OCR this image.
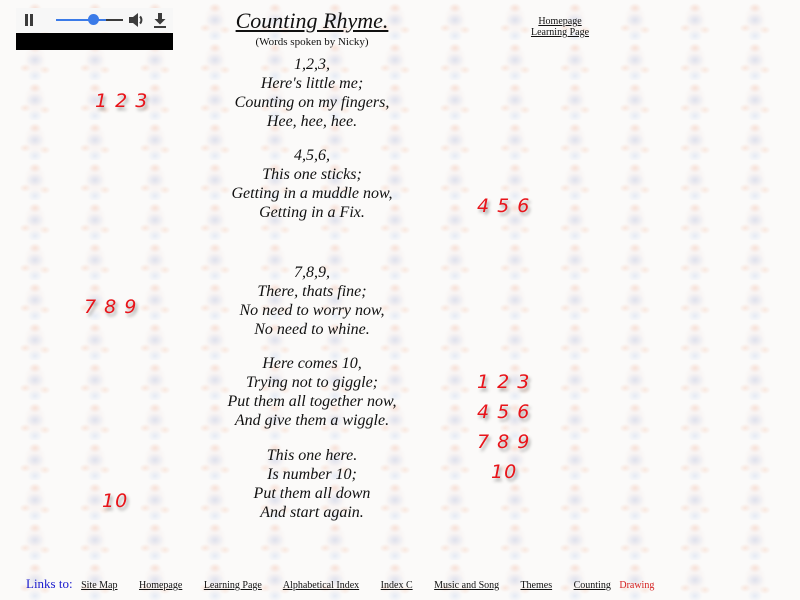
Counting Rhyme.
(Words spoken by Nicky)
Homepage
Learning Page
1,2,3,
Here's little me;
Counting on my fingers,
Hee, hee, hee.
4,5,6,
This one sticks;
Getting in a muddle now,
Getting in a Fix.
7,8,9,
There, thats fine;
No need to worry now,
No need to whine.
Here comes 10,
Trying not to giggle;
Put them all together now,
And give them a wiggle.
This one here.
Is number 10;
Put them all down
And start again.
1 2 3
4 5 6
7 8 9
1 2 3
4 5 6
7 8 9
10
10
Links to: Site Map Homepage Learning Page Alphabetical Index Index C Music and Song Themes Counting Drawing
